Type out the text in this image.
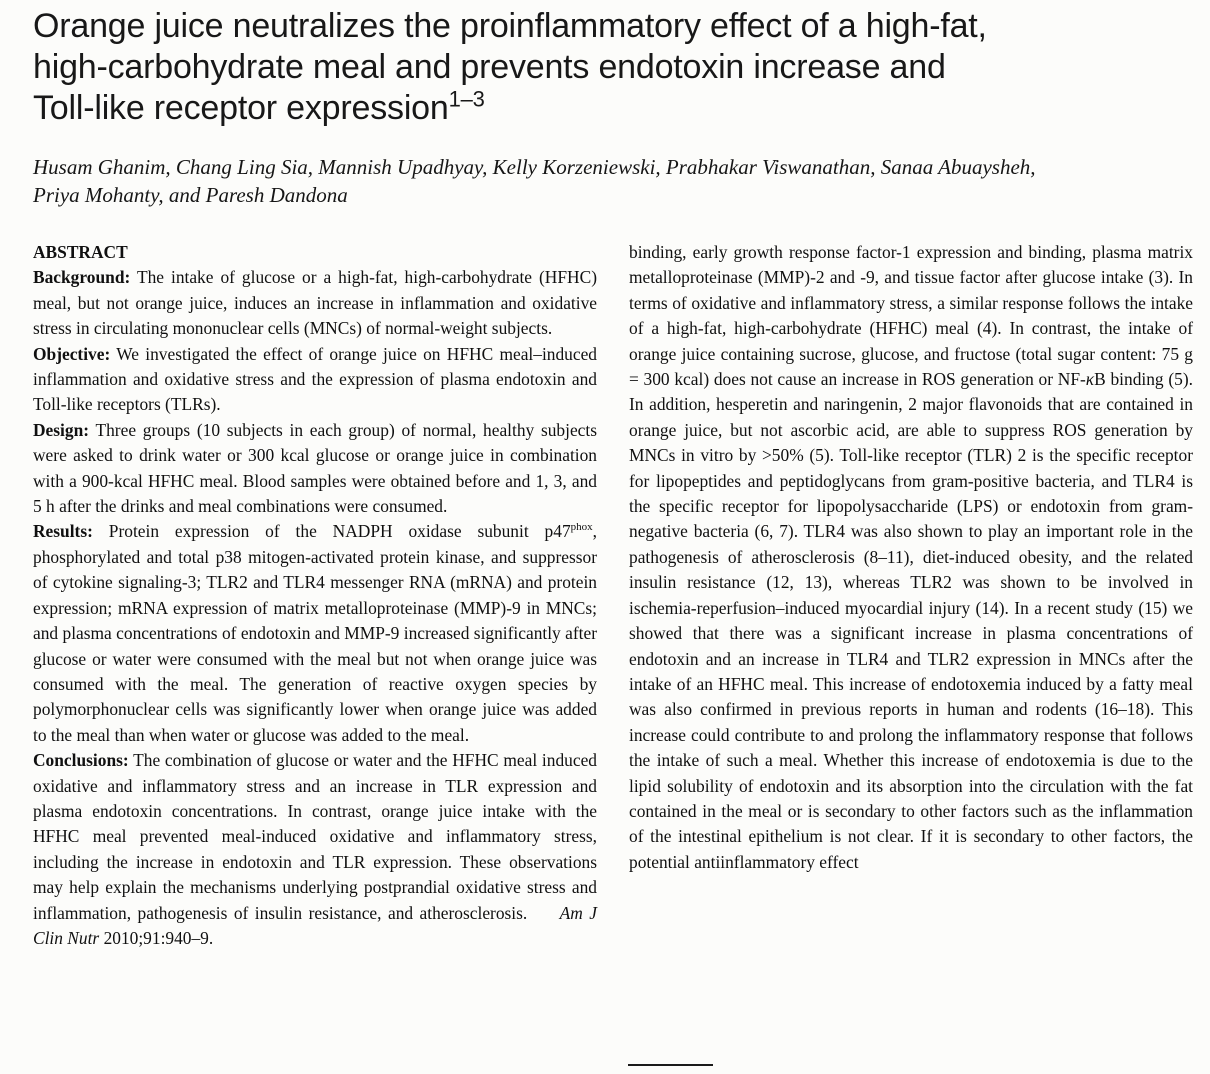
Orange juice neutralizes the proinflammatory effect of a high-fat,
high-carbohydrate meal and prevents endotoxin increase and
Toll-like receptor expression$^{1-3}$
Husam Ghanim, Chang Ling Sia, Mannish Upadhyay, Kelly Korzeniewski, Prabhakar Viswanathan, Sanaa Abuaysheh,
Priya Mohanty, and Paresh Dandona
ABSTRACT

Background: The intake of glucose or a high-fat, high-carbohydrate (HFHC) meal, but not orange juice, induces an increase in inflammation and oxidative stress in circulating mononuclear cells (MNCs) of normal-weight subjects.

Objective: We investigated the effect of orange juice on HFHC meal–induced inflammation and oxidative stress and the expression of plasma endotoxin and Toll-like receptors (TLRs).

Design: Three groups (10 subjects in each group) of normal, healthy subjects were asked to drink water or 300 kcal glucose or orange juice in combination with a 900-kcal HFHC meal. Blood samples were obtained before and 1, 3, and 5 h after the drinks and meal combinations were consumed.

Results: Protein expression of the NADPH oxidase subunit $p47^{phox}$, phosphorylated and total p38 mitogen-activated protein kinase, and suppressor of cytokine signaling-3; TLR2 and TLR4 messenger RNA (mRNA) and protein expression; mRNA expression of matrix metalloproteinase (MMP)-9 in MNCs; and plasma concentrations of endotoxin and MMP-9 increased significantly after glucose or water were consumed with the meal but not when orange juice was consumed with the meal. The generation of reactive oxygen species by polymorphonuclear cells was significantly lower when orange juice was added to the meal than when water or glucose was added to the meal.

Conclusions: The combination of glucose or water and the HFHC meal induced oxidative and inflammatory stress and an increase in TLR expression and plasma endotoxin concentrations. In contrast, orange juice intake with the HFHC meal prevented meal-induced oxidative and inflammatory stress, including the increase in endotoxin and TLR expression. These observations may help explain the mechanisms underlying postprandial oxidative stress and inflammation, pathogenesis of insulin resistance, and atherosclerosis. Am J Clin Nutr 2010;91:940–9.

binding, early growth response factor-1 expression and binding, plasma matrix metalloproteinase (MMP)-2 and -9, and tissue factor after glucose intake (3). In terms of oxidative and inflammatory stress, a similar response follows the intake of a high-fat, high-carbohydrate (HFHC) meal (4). In contrast, the intake of orange juice containing sucrose, glucose, and fructose (total sugar content: 75 g = 300 kcal) does not cause an increase in ROS generation or NF-κB binding (5). In addition, hesperetin and naringenin, 2 major flavonoids that are contained in orange juice, but not ascorbic acid, are able to suppress ROS generation by MNCs in vitro by >50% (5). Toll-like receptor (TLR) 2 is the specific receptor for lipopeptides and peptidoglycans from gram-positive bacteria, and TLR4 is the specific receptor for lipopolysaccharide (LPS) or endotoxin from gram-negative bacteria (6, 7). TLR4 was also shown to play an important role in the pathogenesis of atherosclerosis (8–11), diet-induced obesity, and the related insulin resistance (12, 13), whereas TLR2 was shown to be involved in ischemia-reperfusion–induced myocardial injury (14). In a recent study (15) we showed that there was a significant increase in plasma concentrations of endotoxin and an increase in TLR4 and TLR2 expression in MNCs after the intake of an HFHC meal. This increase of endotoxemia induced by a fatty meal was also confirmed in previous reports in human and rodents (16–18). This increase could contribute to and prolong the inflammatory response that follows the intake of such a meal. Whether this increase of endotoxemia is due to the lipid solubility of endotoxin and its absorption into the circulation with the fat contained in the meal or is secondary to other factors such as the inflammation of the intestinal epithelium is not clear. If it is secondary to other factors, the potential antiinflammatory effect
